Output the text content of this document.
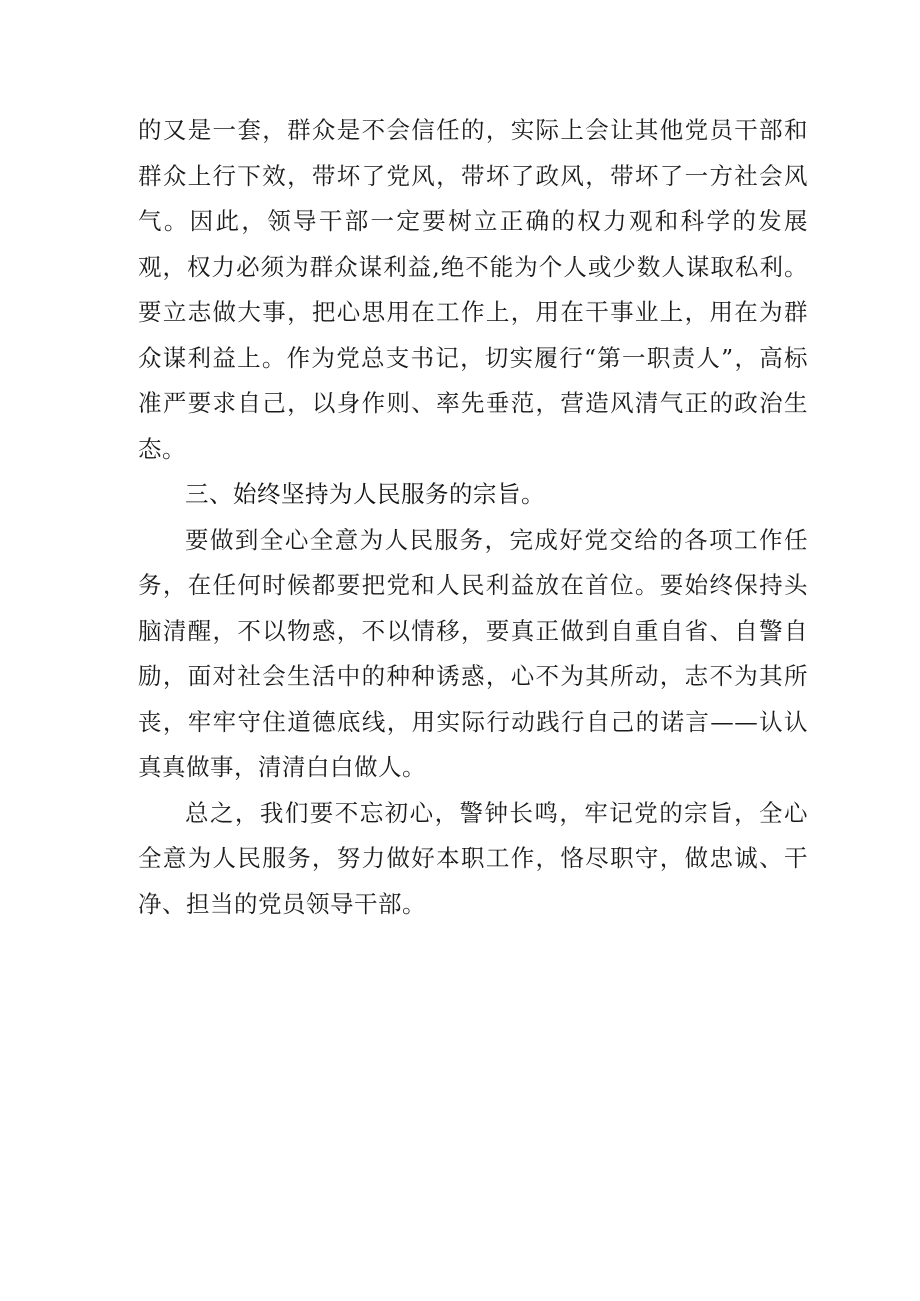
的又是一套，群众是不会信任的，实际上会让其他党员干部和群众上行下效，带坏了党风，带坏了政风，带坏了一方社会风气。因此，领导干部一定要树立正确的权力观和科学的发展观，权力必须为群众谋利益,绝不能为个人或少数人谋取私利。要立志做大事，把心思用在工作上，用在干事业上，用在为群众谋利益上。作为党总支书记，切实履行“第一职责人”，高标准严要求自己，以身作则、率先垂范，营造风清气正的政治生态。

三、始终坚持为人民服务的宗旨。

要做到全心全意为人民服务，完成好党交给的各项工作任务，在任何时候都要把党和人民利益放在首位。要始终保持头脑清醒，不以物惑，不以情移，要真正做到自重自省、自警自励，面对社会生活中的种种诱惑，心不为其所动，志不为其所丧，牢牢守住道德底线，用实际行动践行自己的诺言——认认真真做事，清清白白做人。

总之，我们要不忘初心，警钟长鸣，牢记党的宗旨，全心全意为人民服务，努力做好本职工作，恪尽职守，做忠诚、干净、担当的党员领导干部。
